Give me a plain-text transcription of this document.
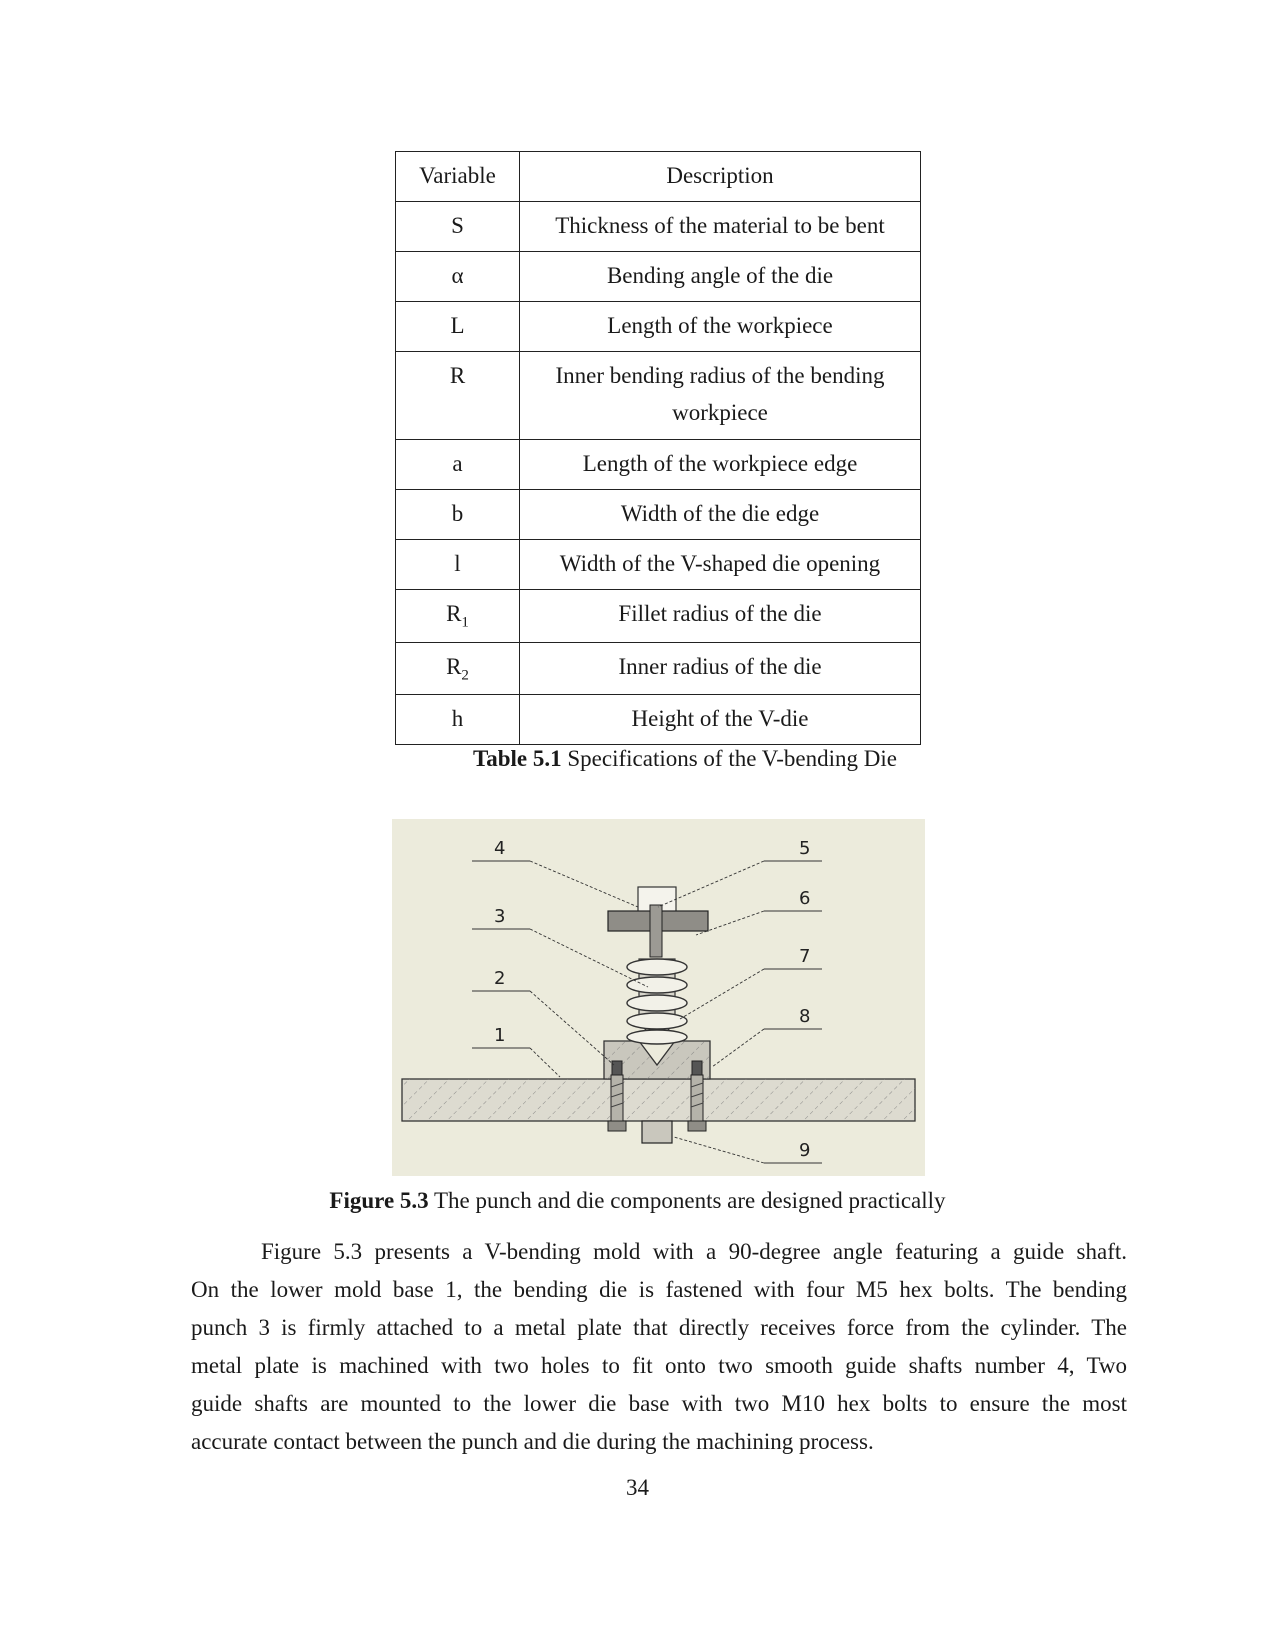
Variable	Description
S	Thickness of the material to be bent
α	Bending angle of the die
L	Length of the workpiece
R	Inner bending radius of the bending workpiece
a	Length of the workpiece edge
b	Width of the die edge
l	Width of the V-shaped die opening
$R_1$	Fillet radius of the die
$R_2$	Inner radius of the die
h	Height of the V-die
Table 5.1 Specifications of the V-bending Die
4	5
6
3
7
2
8
1
9
Figure 5.3 The punch and die components are designed practically
Figure 5.3 presents a V-bending mold with a 90-degree angle featuring a guide shaft.
On the lower mold base 1, the bending die is fastened with four M5 hex bolts. The bending
punch 3 is firmly attached to a metal plate that directly receives force from the cylinder. The
metal plate is machined with two holes to fit onto two smooth guide shafts number 4, Two
guide shafts are mounted to the lower die base with two M10 hex bolts to ensure the most
accurate contact between the punch and die during the machining process.
34
